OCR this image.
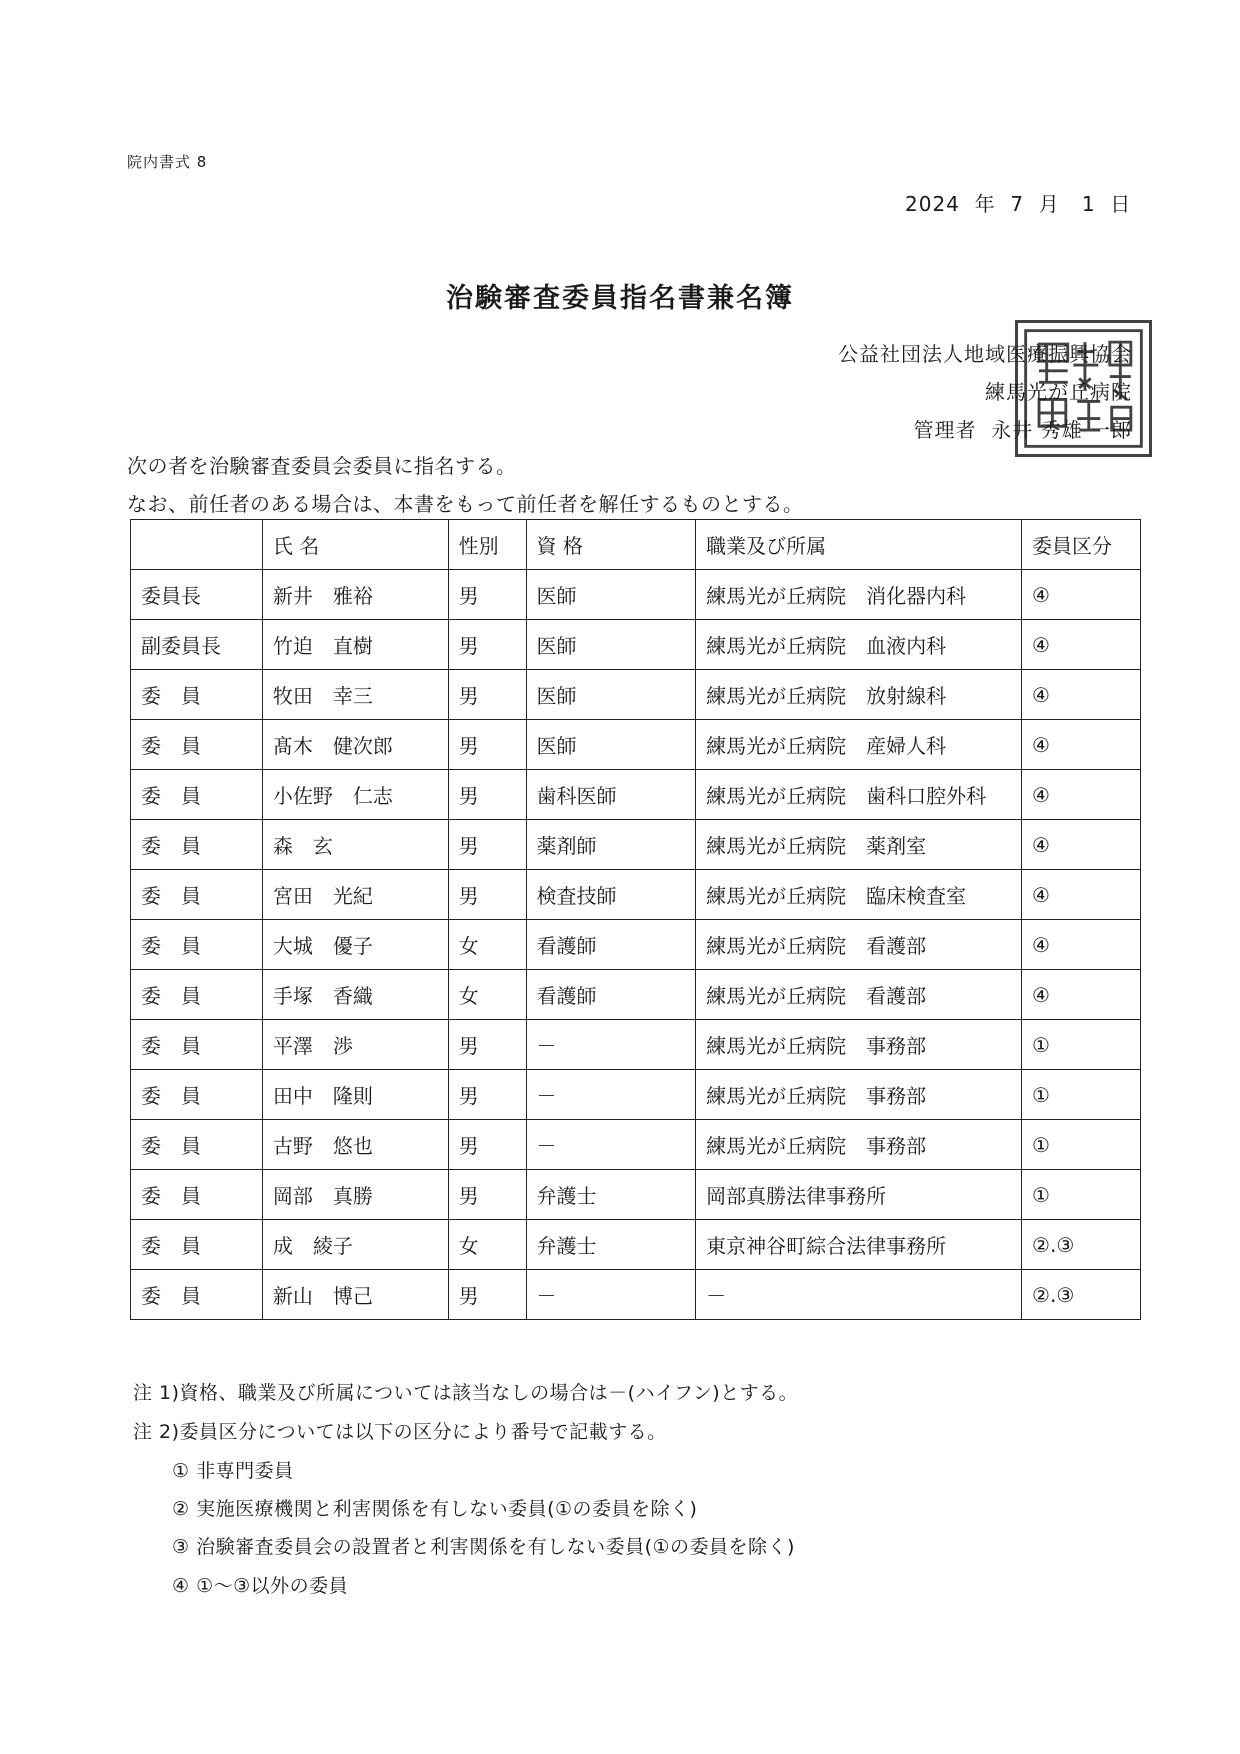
院内書式 8
2024  年  7  月   1  日
治験審査委員指名書兼名簿
公益社団法人地域医療振興協会
練馬光が丘病院
管理者  永井 秀雄 一郎
次の者を治験審査委員会委員に指名する。
なお、前任者のある場合は、本書をもって前任者を解任するものとする。
	氏 名	性別	資 格	職業及び所属	委員区分
委員長	新井　雅裕	男	医師	練馬光が丘病院　消化器内科	④
副委員長	竹迫　直樹	男	医師	練馬光が丘病院　血液内科	④
委　員	牧田　幸三	男	医師	練馬光が丘病院　放射線科	④
委　員	髙木　健次郎	男	医師	練馬光が丘病院　産婦人科	④
委　員	小佐野　仁志	男	歯科医師	練馬光が丘病院　歯科口腔外科	④
委　員	森　玄	男	薬剤師	練馬光が丘病院　薬剤室	④
委　員	宮田　光紀	男	検査技師	練馬光が丘病院　臨床検査室	④
委　員	大城　優子	女	看護師	練馬光が丘病院　看護部	④
委　員	手塚　香織	女	看護師	練馬光が丘病院　看護部	④
委　員	平澤　渉	男	－	練馬光が丘病院　事務部	①
委　員	田中　隆則	男	－	練馬光が丘病院　事務部	①
委　員	古野　悠也	男	－	練馬光が丘病院　事務部	①
委　員	岡部　真勝	男	弁護士	岡部真勝法律事務所	①
委　員	成　綾子	女	弁護士	東京神谷町綜合法律事務所	②.③
委　員	新山　博己	男	－	－	②.③
注 1)資格、職業及び所属については該当なしの場合は－(ハイフン)とする。
注 2)委員区分については以下の区分により番号で記載する。
① 非専門委員
② 実施医療機関と利害関係を有しない委員(①の委員を除く)
③ 治験審査委員会の設置者と利害関係を有しない委員(①の委員を除く)
④ ①～③以外の委員
